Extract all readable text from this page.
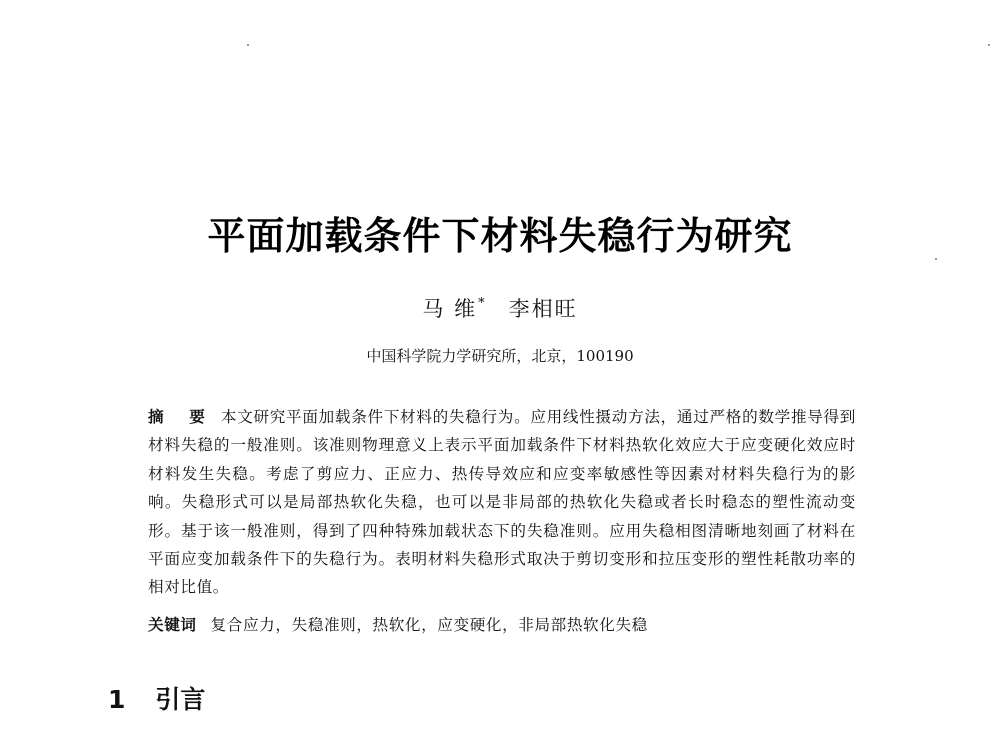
平面加载条件下材料失稳行为研究
马 维* 李相旺
中国科学院力学研究所，北京，100190
摘 要 本文研究平面加载条件下材料的失稳行为。应用线性摄动方法，通过严格的数学推导得到材料失稳的一般准则。该准则物理意义上表示平面加载条件下材料热软化效应大于应变硬化效应时材料发生失稳。考虑了剪应力、正应力、热传导效应和应变率敏感性等因素对材料失稳行为的影响。失稳形式可以是局部热软化失稳，也可以是非局部的热软化失稳或者长时稳态的塑性流动变形。基于该一般准则，得到了四种特殊加载状态下的失稳准则。应用失稳相图清晰地刻画了材料在平面应变加载条件下的失稳行为。表明材料失稳形式取决于剪切变形和拉压变形的塑性耗散功率的相对比值。
关键词 复合应力，失稳准则，热软化，应变硬化，非局部热软化失稳
1 引言
